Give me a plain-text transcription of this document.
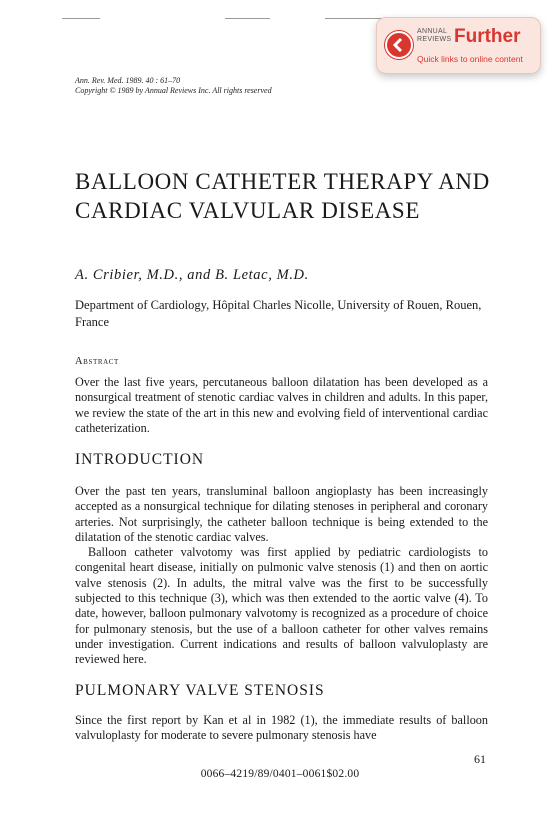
ANNUAL
REVIEWS Further
Quick links to online content
Ann. Rev. Med. 1989. 40 : 61–70
Copyright © 1989 by Annual Reviews Inc. All rights reserved
BALLOON CATHETER THERAPY AND CARDIAC VALVULAR DISEASE
A. Cribier, M.D., and B. Letac, M.D.
Department of Cardiology, Hôpital Charles Nicolle, University of Rouen, Rouen, France
Abstract

Over the last five years, percutaneous balloon dilatation has been developed as a nonsurgical treatment of stenotic cardiac valves in children and adults. In this paper, we review the state of the art in this new and evolving field of interventional cardiac catheterization.

INTRODUCTION

Over the past ten years, transluminal balloon angioplasty has been increasingly accepted as a nonsurgical technique for dilating stenoses in peripheral and coronary arteries. Not surprisingly, the catheter balloon technique is being extended to the dilatation of the stenotic cardiac valves.

Balloon catheter valvotomy was first applied by pediatric cardiologists to congenital heart disease, initially on pulmonic valve stenosis (1) and then on aortic valve stenosis (2). In adults, the mitral valve was the first to be successfully subjected to this technique (3), which was then extended to the aortic valve (4). To date, however, balloon pulmonary valvotomy is recognized as a procedure of choice for pulmonary stenosis, but the use of a balloon catheter for other valves remains under investigation. Current indications and results of balloon valvuloplasty are reviewed here.

PULMONARY VALVE STENOSIS

Since the first report by Kan et al in 1982 (1), the immediate results of balloon valvuloplasty for moderate to severe pulmonary stenosis have

61
0066–4219/89/0401–0061$02.00
